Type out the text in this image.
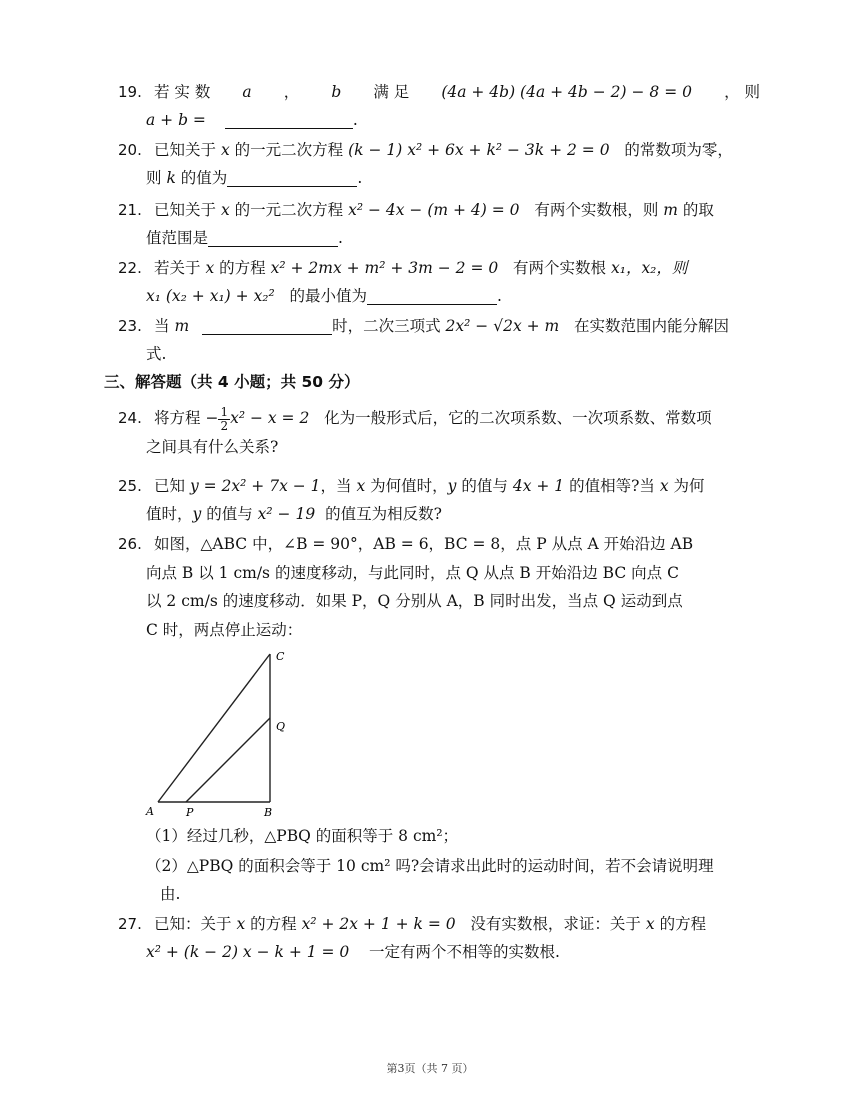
19. 若 实 数 a ， b 满 足 (4a + 4b) (4a + 4b − 2) − 8 = 0 ， 则
a + b =	.
20. 已知关于 x 的一元二次方程 (k − 1) x² + 6x + k² − 3k + 2 = 0 的常数项为零，
则 k 的值为	.
21. 已知关于 x 的一元二次方程 x² − 4x − (m + 4) = 0 有两个实数根，则 m 的取
值范围是	.
22. 若关于 x 的方程 x² + 2mx + m² + 3m − 2 = 0 有两个实数根 x₁，x₂，则
x₁ (x₂ + x₁) + x₂² 的最小值为	.
23. 当 m	时，二次三项式 2x² − √2x + m 在实数范围内能分解因
式.
三、解答题（共 4 小题；共 50 分）
24. 将方程 − $\frac{1}{2} x^2 - x = 2$ 化为一般形式后，它的二次项系数、一次项系数、常数项
之间具有什么关系?
25. 已知 y = 2x² + 7x − 1，当 x 为何值时，y 的值与 4x + 1 的值相等?当 x 为何
值时，y 的值与 x² − 19 的值互为相反数?
26. 如图，△ABC 中，∠B = 90°，AB = 6，BC = 8，点 P 从点 A 开始沿边 AB
向点 B 以 1 cm/s 的速度移动，与此同时，点 Q 从点 B 开始沿边 BC 向点 C
以 2 cm/s 的速度移动．如果 P，Q 分别从 A，B 同时出发，当点 Q 运动到点
C 时，两点停止运动：
A	P	B
C
Q
（1）经过几秒，△PBQ 的面积等于 8 cm²；
（2）△PBQ 的面积会等于 10 cm² 吗?会请求出此时的运动时间，若不会请说明理
由.
27. 已知：关于 x 的方程 x² + 2x + 1 + k = 0 没有实数根，求证：关于 x 的方程
x² + (k − 2) x − k + 1 = 0 一定有两个不相等的实数根.
第3页（共 7 页）
